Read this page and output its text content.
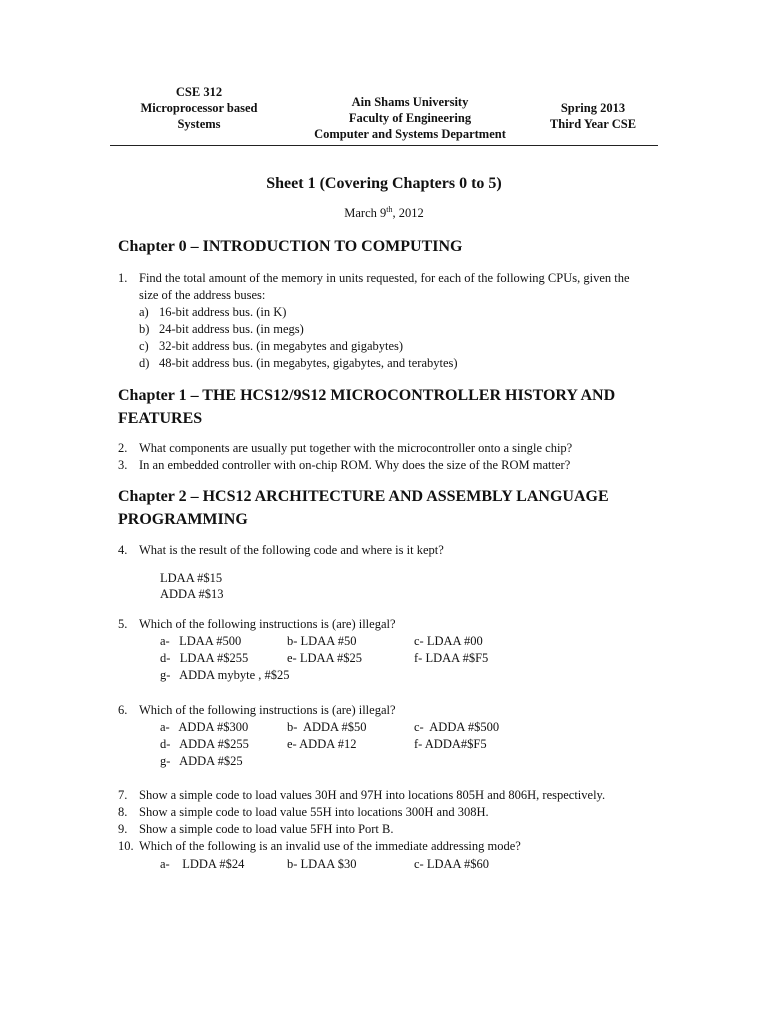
CSE 312
Microprocessor based
Systems
Ain Shams University
Faculty of Engineering
Computer and Systems Department
Spring 2013
Third Year CSE
Sheet 1 (Covering Chapters 0 to 5)
March 9th, 2012
Chapter 0 – INTRODUCTION TO COMPUTING
1. Find the total amount of the memory in units requested, for each of the following CPUs, given the
size of the address buses:
a) 16-bit address bus. (in K)
b) 24-bit address bus. (in megs)
c) 32-bit address bus. (in megabytes and gigabytes)
d) 48-bit address bus. (in megabytes, gigabytes, and terabytes)
Chapter 1 – THE HCS12/9S12 MICROCONTROLLER HISTORY AND
FEATURES
2. What components are usually put together with the microcontroller onto a single chip?
3. In an embedded controller with on-chip ROM. Why does the size of the ROM matter?
Chapter 2 – HCS12 ARCHITECTURE AND ASSEMBLY LANGUAGE
PROGRAMMING
4. What is the result of the following code and where is it kept?
LDAA #$15
ADDA #$13
5. Which of the following instructions is (are) illegal?
a-   LDAA #500	b- LDAA #50	c- LDAA #00
d-   LDAA #$255	e- LDAA #$25	f- LDAA #$F5
g-   ADDA mybyte , #$25
6. Which of the following instructions is (are) illegal?
a-   ADDA #$300	b-  ADDA #$50	c-  ADDA #$500
d-   ADDA #$255	e- ADDA #12	f- ADDA#$F5
g-   ADDA #$25
7. Show a simple code to load values 30H and 97H into locations 805H and 806H, respectively.
8. Show a simple code to load value 55H into locations 300H and 308H.
9. Show a simple code to load value 5FH into Port B.
10. Which of the following is an invalid use of the immediate addressing mode?
a-    LDDA #$24	b- LDAA $30	c- LDAA #$60
